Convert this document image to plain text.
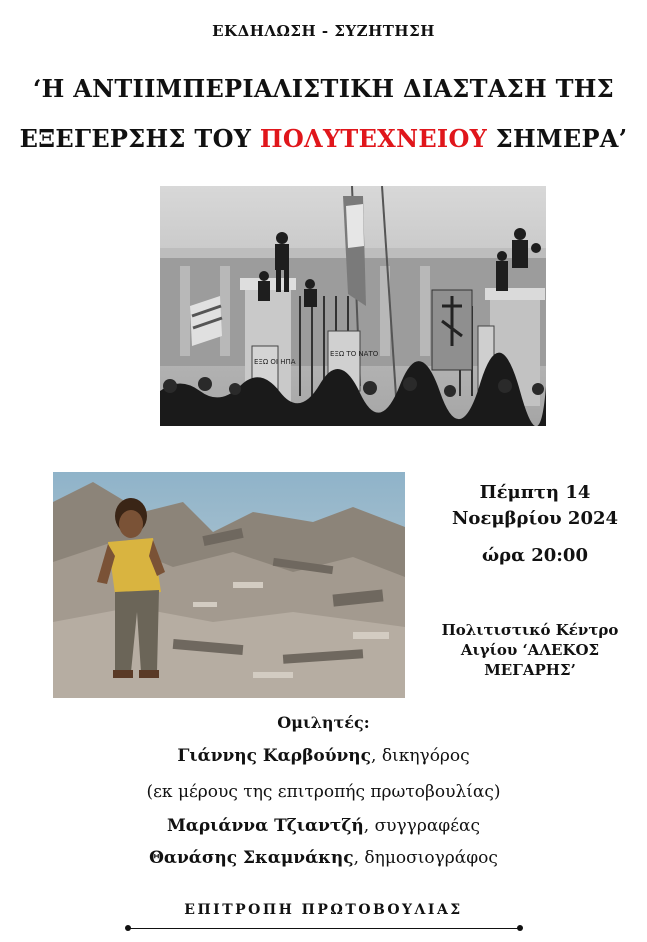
ΕΚΔΗΛΩΣΗ - ΣΥΖΗΤΗΣΗ
‘Η ΑΝΤΙΙΜΠΕΡΙΑΛΙΣΤΙΚΗ ΔΙΑΣΤΑΣΗ ΤΗΣ
ΕΞΕΓΕΡΣΗΣ ΤΟΥ ΠΟΛΥΤΕΧΝΕΙΟΥ ΣΗΜΕΡΑ’
ΕΞΩ ΟΙ ΗΠΑ
ΕΞΩ ΤΟ ΝΑΤΟ
Πέμπτη 14
Νοεμβρίου 2024
ώρα 20:00
Πολιτιστικό Κέντρο
Αιγίου ‘ΑΛΕΚΟΣ
ΜΕΓΑΡΗΣ’
Ομιλητές:
Γιάννης Καρβούνης, δικηγόρος
(εκ μέρους της επιτροπής πρωτοβουλίας)
Μαριάννα Τζιαντζή, συγγραφέας
Θανάσης Σκαμνάκης, δημοσιογράφος
ΕΠΙΤΡΟΠΗ ΠΡΩΤΟΒΟΥΛΙΑΣ
